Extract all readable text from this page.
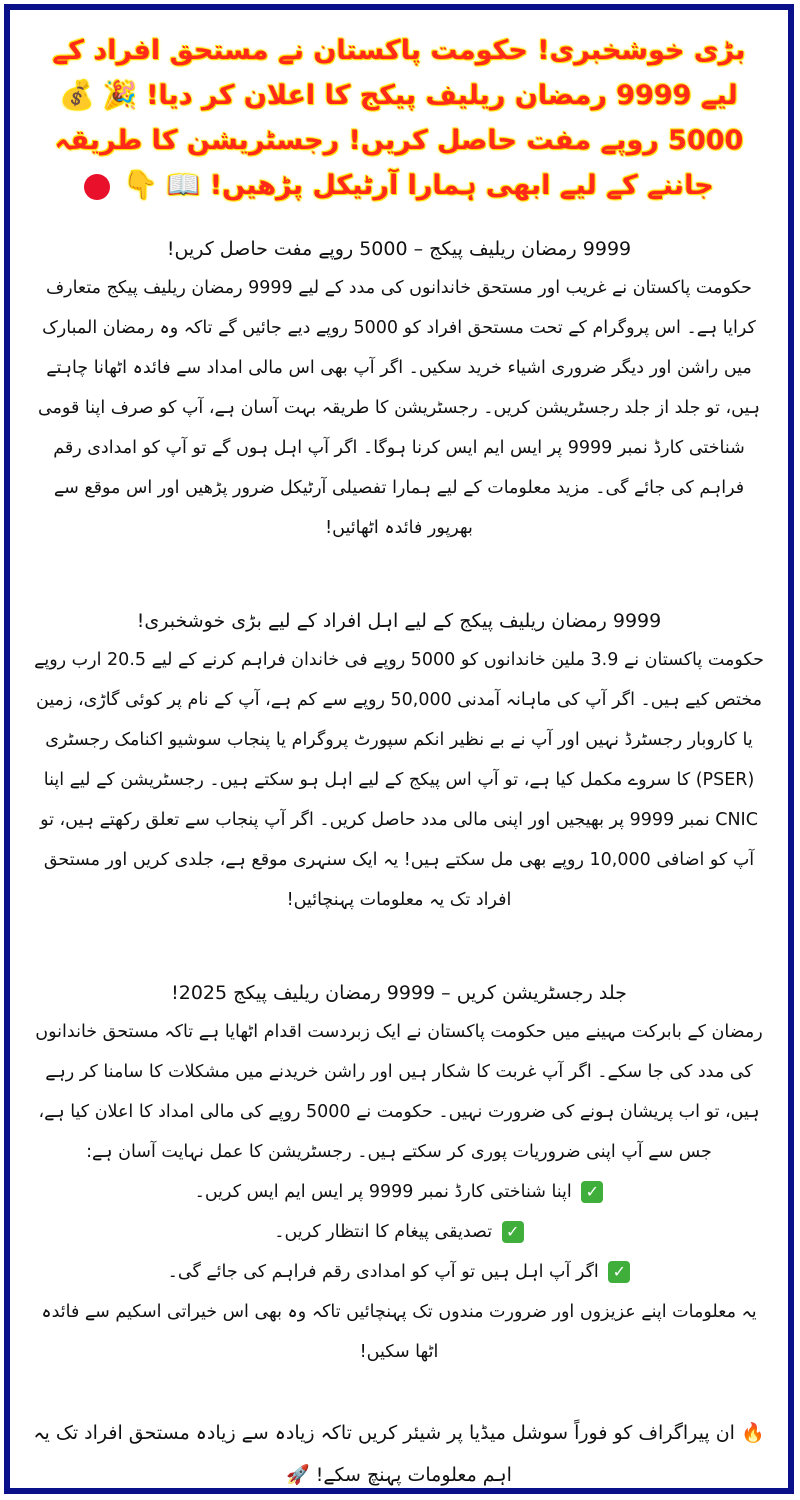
بڑی خوشخبری! حکومت پاکستان نے مستحق افراد کے لیے 9999 رمضان ریلیف پیکج کا اعلان کر دیا! 🎉 💰 5000 روپے مفت حاصل کریں! رجسٹریشن کا طریقہ جاننے کے لیے ابھی ہمارا آرٹیکل پڑھیں! 📖 👇

9999 رمضان ریلیف پیکج – 5000 روپے مفت حاصل کریں!

حکومت پاکستان نے غریب اور مستحق خاندانوں کی مدد کے لیے 9999 رمضان ریلیف پیکج متعارف کرایا ہے۔ اس پروگرام کے تحت مستحق افراد کو 5000 روپے دیے جائیں گے تاکہ وہ رمضان المبارک میں راشن اور دیگر ضروری اشیاء خرید سکیں۔ اگر آپ بھی اس مالی امداد سے فائدہ اٹھانا چاہتے ہیں، تو جلد از جلد رجسٹریشن کریں۔ رجسٹریشن کا طریقہ بہت آسان ہے، آپ کو صرف اپنا قومی شناختی کارڈ نمبر 9999 پر ایس ایم ایس کرنا ہوگا۔ اگر آپ اہل ہوں گے تو آپ کو امدادی رقم فراہم کی جائے گی۔ مزید معلومات کے لیے ہمارا تفصیلی آرٹیکل ضرور پڑھیں اور اس موقع سے بھرپور فائدہ اٹھائیں!

9999 رمضان ریلیف پیکج کے لیے اہل افراد کے لیے بڑی خوشخبری!

حکومت پاکستان نے 3.9 ملین خاندانوں کو 5000 روپے فی خاندان فراہم کرنے کے لیے 20.5 ارب روپے مختص کیے ہیں۔ اگر آپ کی ماہانہ آمدنی 50,000 روپے سے کم ہے، آپ کے نام پر کوئی گاڑی، زمین یا کاروبار رجسٹرڈ نہیں اور آپ نے بے نظیر انکم سپورٹ پروگرام یا پنجاب سوشیو اکنامک رجسٹری (PSER) کا سروے مکمل کیا ہے، تو آپ اس پیکج کے لیے اہل ہو سکتے ہیں۔ رجسٹریشن کے لیے اپنا CNIC نمبر 9999 پر بھیجیں اور اپنی مالی مدد حاصل کریں۔ اگر آپ پنجاب سے تعلق رکھتے ہیں، تو آپ کو اضافی 10,000 روپے بھی مل سکتے ہیں! یہ ایک سنہری موقع ہے، جلدی کریں اور مستحق افراد تک یہ معلومات پہنچائیں!

جلد رجسٹریشن کریں – 9999 رمضان ریلیف پیکج 2025!

رمضان کے بابرکت مہینے میں حکومت پاکستان نے ایک زبردست اقدام اٹھایا ہے تاکہ مستحق خاندانوں کی مدد کی جا سکے۔ اگر آپ غربت کا شکار ہیں اور راشن خریدنے میں مشکلات کا سامنا کر رہے ہیں، تو اب پریشان ہونے کی ضرورت نہیں۔ حکومت نے 5000 روپے کی مالی امداد کا اعلان کیا ہے، جس سے آپ اپنی ضروریات پوری کر سکتے ہیں۔ رجسٹریشن کا عمل نہایت آسان ہے:

✓ اپنا شناختی کارڈ نمبر 9999 پر ایس ایم ایس کریں۔
✓ تصدیقی پیغام کا انتظار کریں۔
✓ اگر آپ اہل ہیں تو آپ کو امدادی رقم فراہم کی جائے گی۔

یہ معلومات اپنے عزیزوں اور ضرورت مندوں تک پہنچائیں تاکہ وہ بھی اس خیراتی اسکیم سے فائدہ اٹھا سکیں!

🔥 ان پیراگراف کو فوراً سوشل میڈیا پر شیئر کریں تاکہ زیادہ سے زیادہ مستحق افراد تک یہ اہم معلومات پہنچ سکے! 🚀
